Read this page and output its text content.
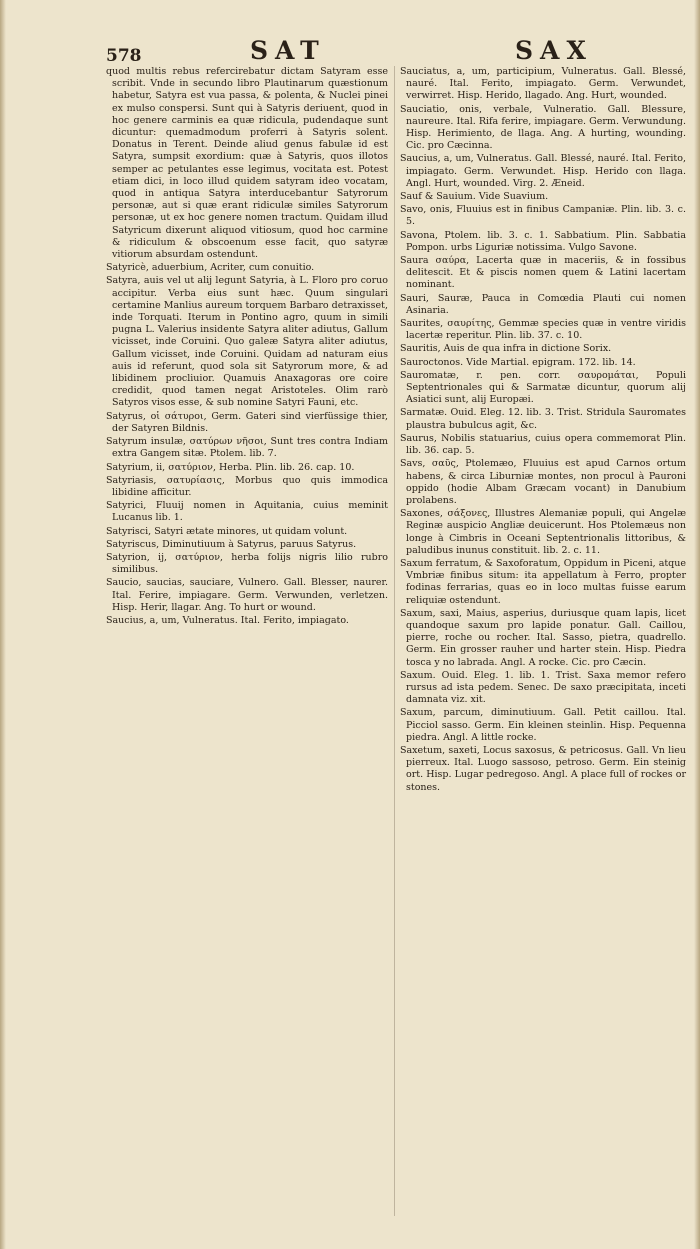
578	SAT	SAX

quod multis rebus refercirebatur dictam Satyram esse scribit. Vnde in secundo libro Plautinarum quæstionum habetur, Satyra est vua passa, & polenta, & Nuclei pinei ex mulso conspersi. Sunt qui à Satyris deriuent, quod in hoc genere carminis ea quæ ridicula, pudendaque sunt dicuntur: quemadmodum proferri à Satyris solent. Donatus in Terent. Deinde aliud genus fabulæ id est Satyra, sumpsit exordium: quæ à Satyris, quos illotos semper ac petulantes esse legimus, vocitata est. Potest etiam dici, in loco illud quidem satyram ideo vocatam, quod in antiqua Satyra interducebantur Satyrorum personæ, aut si quæ erant ridiculæ similes Satyrorum personæ, ut ex hoc genere nomen tractum. Quidam illud Satyricum dixerunt aliquod vitiosum, quod hoc carmine & ridiculum & obscoenum esse facit, quo satyræ vitiorum absurdam ostendunt.

Satyricè, aduerbium, Acriter, cum conuitio.

Satyra, auis vel ut alij legunt Satyria, à L. Floro pro coruo accipitur. Verba eius sunt hæc. Quum singulari certamine Manlius aureum torquem Barbaro detraxisset, inde Torquati. Iterum in Pontino agro, quum in simili pugna L. Valerius insidente Satyra aliter adiutus, Gallum vicisset, inde Coruini. Quo galeæ Satyra aliter adiutus, Gallum vicisset, inde Coruini. Quidam ad naturam eius auis id referunt, quod sola sit Satyrorum more, & ad libidinem procliuior. Quamuis Anaxagoras ore coire credidit, quod tamen negat Aristoteles. Olim rarò Satyros visos esse, & sub nomine Satyri Fauni, etc.

Satyrus, οἱ σάτυροι, Germ. Gateri sind vierfüssige thier, der Satyren Bildnis.

Satyrum insulæ, σατύρων νῆσοι, Sunt tres contra Indiam extra Gangem sitæ. Ptolem. lib. 7.

Satyrium, ii, σατύριον, Herba. Plin. lib. 26. cap. 10.

Satyriasis, σατυρίασις, Morbus quo quis immodica libidine afficitur.

Satyrici, Fluuij nomen in Aquitania, cuius meminit Lucanus lib. 1.

Satyrisci, Satyri ætate minores, ut quidam volunt.

Satyriscus, Diminutiuum à Satyrus, paruus Satyrus.

Satyrion, ij, σατύριον, herba folijs nigris lilio rubro similibus.

Saucio, saucias, sauciare, Vulnero. Gall. Blesser, naurer. Ital. Ferire, impiagare. Germ. Verwunden, verletzen. Hisp. Herir, llagar. Ang. To hurt or wound.

Saucius, a, um, Vulneratus. Ital. Ferito, impiagato.

Sauciatus, a, um, participium, Vulneratus. Gall. Blessé, nauré. Ital. Ferito, impiagato. Germ. Verwundet, verwirret. Hisp. Herido, llagado. Ang. Hurt, wounded.

Sauciatio, onis, verbale, Vulneratio. Gall. Blessure, naureure. Ital. Rifa ferire, impiagare. Germ. Verwundung. Hisp. Herimiento, de llaga. Ang. A hurting, wounding. Cic. pro Cæcinna.

Saucius, a, um, Vulneratus. Gall. Blessé, nauré. Ital. Ferito, impiagato. Germ. Verwundet. Hisp. Herido con llaga. Angl. Hurt, wounded. Virg. 2. Æneid.

Sauf & Sauium. Vide Suavium.

Savo, onis, Fluuius est in finibus Campaniæ. Plin. lib. 3. c. 5.

Savona, Ptolem. lib. 3. c. 1. Sabbatium. Plin. Sabbatia Pompon. urbs Liguriæ notissima. Vulgo Savone.

Saura σαύρα, Lacerta quæ in maceriis, & in fossibus delitescit. Et & piscis nomen quem & Latini lacertam nominant.

Sauri, Sauræ, Pauca in Comœdia Plauti cui nomen Asinaria.

Saurites, σαυρίτης, Gemmæ species quæ in ventre viridis lacertæ reperitur. Plin. lib. 37. c. 10.

Sauritis, Auis de qua infra in dictione Sorix.

Sauroctonos. Vide Martial. epigram. 172. lib. 14.

Sauromatæ, r. pen. corr. σαυρομάται, Populi Septentrionales qui & Sarmatæ dicuntur, quorum alij Asiatici sunt, alij Europæi.

Sarmatæ. Ouid. Eleg. 12. lib. 3. Trist. Stridula Sauromates plaustra bubulcus agit, &c.

Saurus, Nobilis statuarius, cuius opera commemorat Plin. lib. 36. cap. 5.

Savs, σαῦς, Ptolemæo, Fluuius est apud Carnos ortum habens, & circa Liburniæ montes, non procul à Pauroni oppido (hodie Albam Græcam vocant) in Danubium prolabens.

Saxones, σάξονες, Illustres Alemaniæ populi, qui Angelæ Reginæ auspicio Angliæ deuicerunt. Hos Ptolemæus non longe à Cimbris in Oceani Septentrionalis littoribus, & paludibus inunus constituit. lib. 2. c. 11.

Saxum ferratum, & Saxoforatum, Oppidum in Piceni, atque Vmbriæ finibus situm: ita appellatum à Ferro, propter fodinas ferrarias, quas eo in loco multas fuisse earum reliquiæ ostendunt.

Saxum, saxi, Maius, asperius, duriusque quam lapis, licet quandoque saxum pro lapide ponatur. Gall. Caillou, pierre, roche ou rocher. Ital. Sasso, pietra, quadrello. Germ. Ein grosser rauher und harter stein. Hisp. Piedra tosca y no labrada. Angl. A rocke. Cic. pro Cæcin.

Saxum. Ouid. Eleg. 1. lib. 1. Trist. Saxa memor refero rursus ad ista pedem. Senec. De saxo præcipitata, inceti damnata viz. xit.

Saxum, parcum, diminutiuum. Gall. Petit caillou. Ital. Picciol sasso. Germ. Ein kleinen steinlin. Hisp. Pequenna piedra. Angl. A little rocke.

Saxetum, saxeti, Locus saxosus, & petricosus. Gall. Vn lieu pierreux. Ital. Luogo sassoso, petroso. Germ. Ein steinig ort. Hisp. Lugar pedregoso. Angl. A place full of rockes or stones.
